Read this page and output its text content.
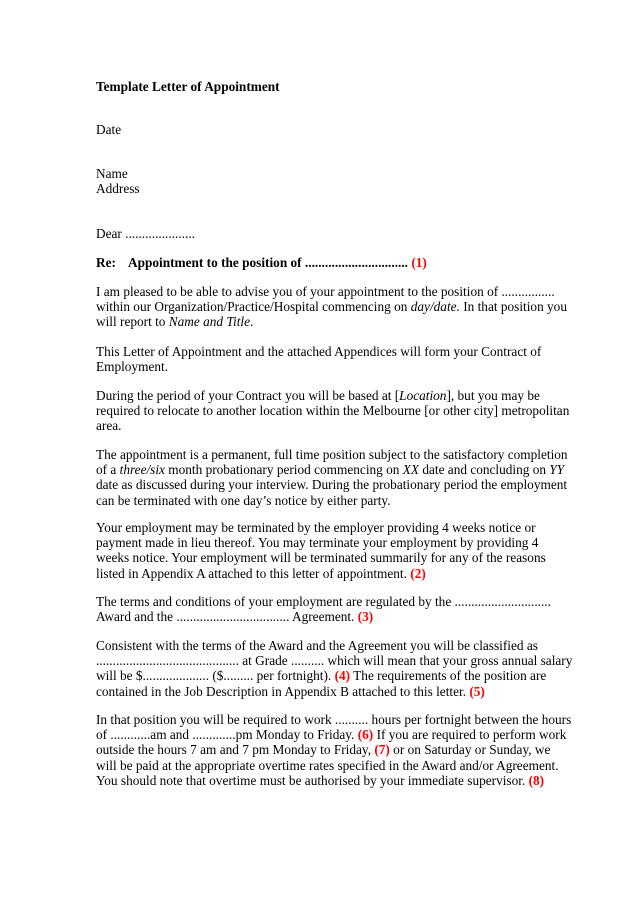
Template Letter of Appointment

Date

Name
Address

Dear .....................

Re: Appointment to the position of ............................... (1)

I am pleased to be able to advise you of your appointment to the position of ................
within our Organization/Practice/Hospital commencing on day/date. In that position you
will report to Name and Title.

This Letter of Appointment and the attached Appendices will form your Contract of
Employment.

During the period of your Contract you will be based at [Location], but you may be
required to relocate to another location within the Melbourne [or other city] metropolitan
area.

The appointment is a permanent, full time position subject to the satisfactory completion
of a three/six month probationary period commencing on XX date and concluding on YY
date as discussed during your interview. During the probationary period the employment
can be terminated with one day’s notice by either party.

Your employment may be terminated by the employer providing 4 weeks notice or
payment made in lieu thereof. You may terminate your employment by providing 4
weeks notice. Your employment will be terminated summarily for any of the reasons
listed in Appendix A attached to this letter of appointment. (2)

The terms and conditions of your employment are regulated by the .............................
Award and the .................................. Agreement. (3)

Consistent with the terms of the Award and the Agreement you will be classified as
........................................... at Grade .......... which will mean that your gross annual salary
will be $.................... ($......... per fortnight). (4) The requirements of the position are
contained in the Job Description in Appendix B attached to this letter. (5)

In that position you will be required to work .......... hours per fortnight between the hours
of ............am and .............pm Monday to Friday. (6) If you are required to perform work
outside the hours 7 am and 7 pm Monday to Friday, (7) or on Saturday or Sunday, we
will be paid at the appropriate overtime rates specified in the Award and/or Agreement.
You should note that overtime must be authorised by your immediate supervisor. (8)
